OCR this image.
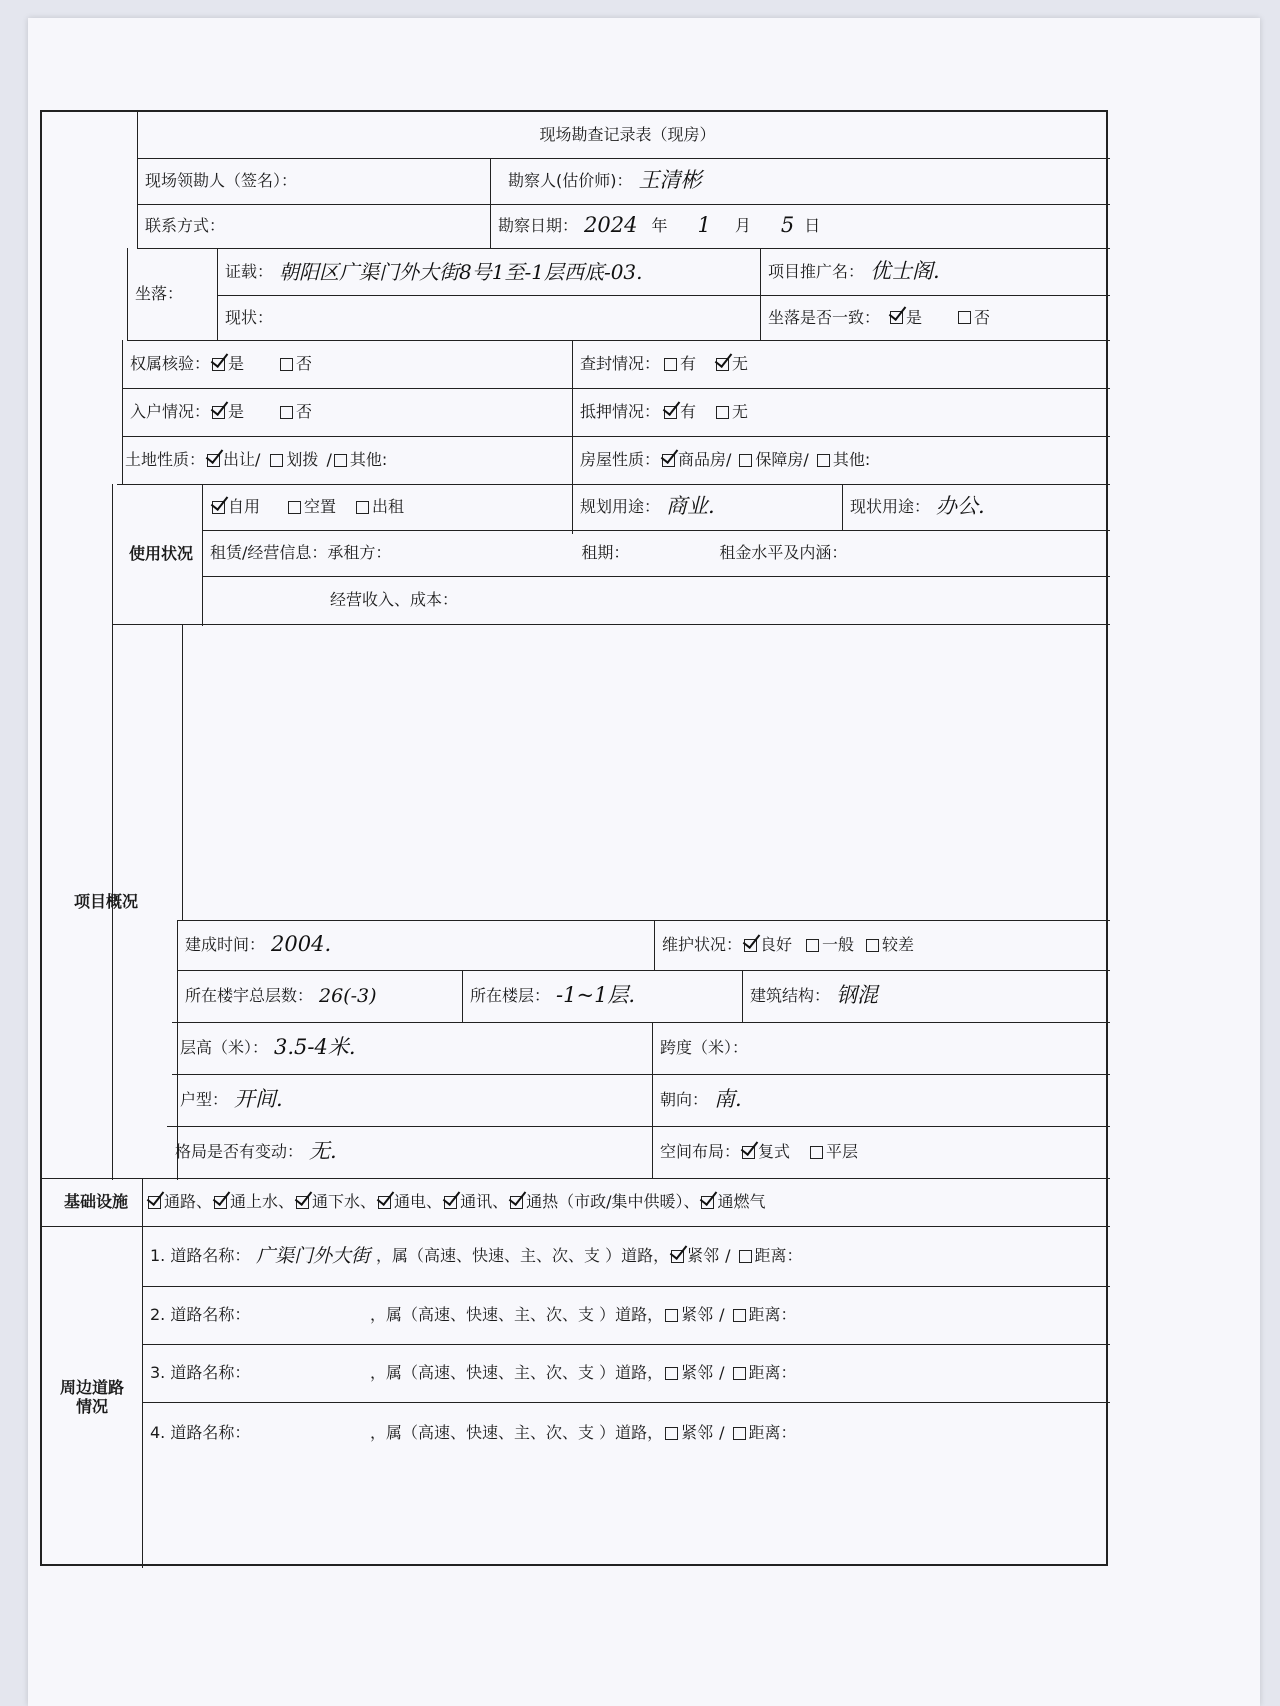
现场勘查记录表（现房）
现场领勘人（签名）：	勘察人(估价师)： 王清彬
联系方式：	勘察日期： 2024 年 1 月 5 日
坐落：
证载： 朝阳区广渠门外大街8号1至-1层西底-03.	项目推广名： 优士阁.
现状：	坐落是否一致： 是	否
权属核验： 是	否	查封情况： 有 无
入户情况： 是	否	抵押情况： 有 无
土地性质： 出让/ 划拨 / 其他:	房屋性质： 商品房/ 保障房/ 其他:
使用状况
自用	空置 出租	规划用途： 商业.	现状用途： 办公.
租赁/经营信息：承租方：	租期：	租金水平及内涵：
经营收入、成本：
项目概况
建成时间： 2004.	维护状况： 良好 一般 较差
所在楼宇总层数： 26(-3)	所在楼层： -1~1层.	建筑结构： 钢混
层高（米）： 3.5-4米.	跨度（米）：
户型： 开间.	朝向： 南.
格局是否有变动： 无.	空间布局： 复式 平层
基础设施	通路、 通上水、 通下水、 通电、 通讯、 通热（市政/集中供暖）、 通燃气
周边道路情况
1. 道路名称： 广渠门外大街 ，属（高速、快速、主、次、支 ）道路， 紧邻 / 距离：
2. 道路名称：	，属（高速、快速、主、次、支 ）道路， 紧邻 / 距离：
3. 道路名称：	，属（高速、快速、主、次、支 ）道路， 紧邻 / 距离：
4. 道路名称：	，属（高速、快速、主、次、支 ）道路， 紧邻 / 距离：
